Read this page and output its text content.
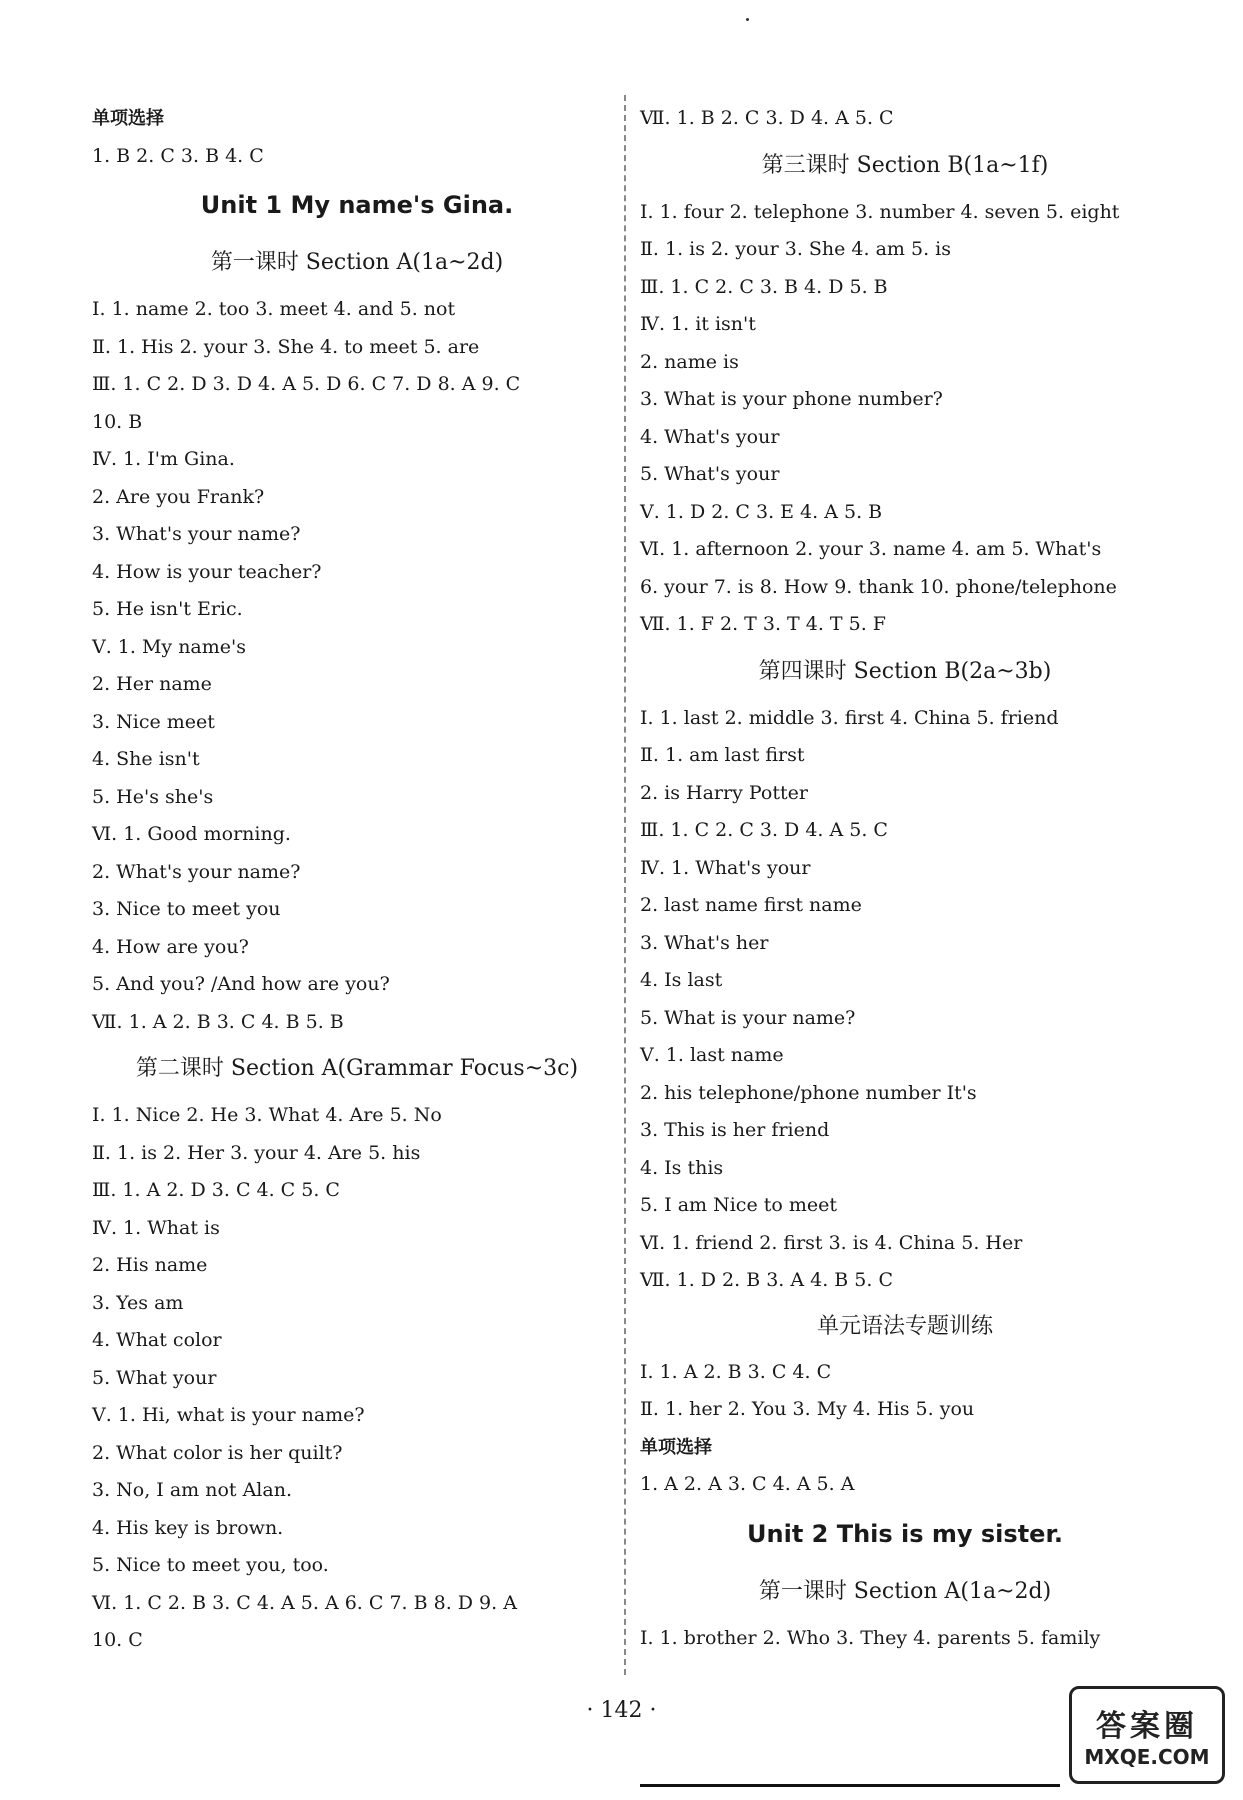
单项选择
1. B 2. C 3. B 4. C
Unit 1 My name's Gina.
第一课时 Section A(1a~2d)
Ⅰ. 1. name 2. too 3. meet 4. and 5. not
Ⅱ. 1. His 2. your 3. She 4. to meet 5. are
Ⅲ. 1. C 2. D 3. D 4. A 5. D 6. C 7. D 8. A 9. C
10. B
Ⅳ. 1. I'm Gina.
2. Are you Frank?
3. What's your name?
4. How is your teacher?
5. He isn't Eric.
Ⅴ. 1. My name's
2. Her name
3. Nice meet
4. She isn't
5. He's she's
Ⅵ. 1. Good morning.
2. What's your name?
3. Nice to meet you
4. How are you?
5. And you? /And how are you?
Ⅶ. 1. A 2. B 3. C 4. B 5. B
第二课时 Section A(Grammar Focus~3c)
Ⅰ. 1. Nice 2. He 3. What 4. Are 5. No
Ⅱ. 1. is 2. Her 3. your 4. Are 5. his
Ⅲ. 1. A 2. D 3. C 4. C 5. C
Ⅳ. 1. What is
2. His name
3. Yes am
4. What color
5. What your
Ⅴ. 1. Hi, what is your name?
2. What color is her quilt?
3. No, I am not Alan.
4. His key is brown.
5. Nice to meet you, too.
Ⅵ. 1. C 2. B 3. C 4. A 5. A 6. C 7. B 8. D 9. A
10. C
Ⅶ. 1. B 2. C 3. D 4. A 5. C
第三课时 Section B(1a~1f)
Ⅰ. 1. four 2. telephone 3. number 4. seven 5. eight
Ⅱ. 1. is 2. your 3. She 4. am 5. is
Ⅲ. 1. C 2. C 3. B 4. D 5. B
Ⅳ. 1. it isn't
2. name is
3. What is your phone number?
4. What's your
5. What's your
Ⅴ. 1. D 2. C 3. E 4. A 5. B
Ⅵ. 1. afternoon 2. your 3. name 4. am 5. What's
6. your 7. is 8. How 9. thank 10. phone/telephone
Ⅶ. 1. F 2. T 3. T 4. T 5. F
第四课时 Section B(2a~3b)
Ⅰ. 1. last 2. middle 3. first 4. China 5. friend
Ⅱ. 1. am last first
2. is Harry Potter
Ⅲ. 1. C 2. C 3. D 4. A 5. C
Ⅳ. 1. What's your
2. last name first name
3. What's her
4. Is last
5. What is your name?
Ⅴ. 1. last name
2. his telephone/phone number It's
3. This is her friend
4. Is this
5. I am Nice to meet
Ⅵ. 1. friend 2. first 3. is 4. China 5. Her
Ⅶ. 1. D 2. B 3. A 4. B 5. C
单元语法专题训练
Ⅰ. 1. A 2. B 3. C 4. C
Ⅱ. 1. her 2. You 3. My 4. His 5. you
单项选择
1. A 2. A 3. C 4. A 5. A
Unit 2 This is my sister.
第一课时 Section A(1a~2d)
Ⅰ. 1. brother 2. Who 3. They 4. parents 5. family
· 142 ·	答案圈
MXQE.COM
